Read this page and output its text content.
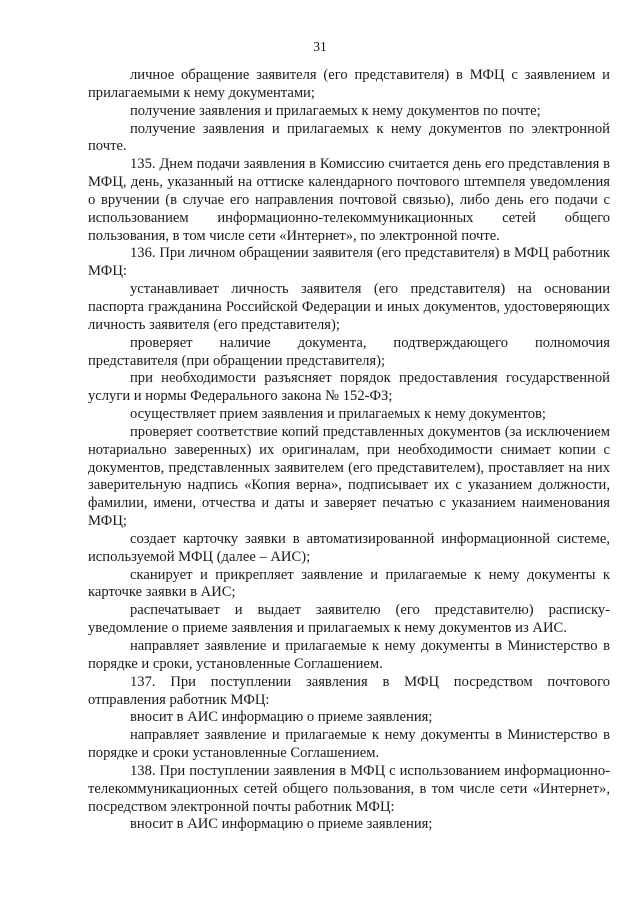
31

личное обращение заявителя (его представителя) в МФЦ с заявлением и прилагаемыми к нему документами;

получение заявления и прилагаемых к нему документов по почте;

получение заявления и прилагаемых к нему документов по электронной почте.

135. Днем подачи заявления в Комиссию считается день его представления в МФЦ, день, указанный на оттиске календарного почтового штемпеля уведомления о вручении (в случае его направления почтовой связью), либо день его подачи с использованием информационно-телекоммуникационных сетей общего пользования, в том числе сети «Интернет», по электронной почте.

136. При личном обращении заявителя (его представителя) в МФЦ работник МФЦ:

устанавливает личность заявителя (его представителя) на основании паспорта гражданина Российской Федерации и иных документов, удостоверяющих личность заявителя (его представителя);

проверяет наличие документа, подтверждающего полномочия представителя (при обращении представителя);

при необходимости разъясняет порядок предоставления государственной услуги и нормы Федерального закона № 152-ФЗ;

осуществляет прием заявления и прилагаемых к нему документов;

проверяет соответствие копий представленных документов (за исключением нотариально заверенных) их оригиналам, при необходимости снимает копии с документов, представленных заявителем (его представителем), проставляет на них заверительную надпись «Копия верна», подписывает их с указанием должности, фамилии, имени, отчества и даты и заверяет печатью с указанием наименования МФЦ;

создает карточку заявки в автоматизированной информационной системе, используемой МФЦ (далее – АИС);

сканирует и прикрепляет заявление и прилагаемые к нему документы к карточке заявки в АИС;

распечатывает и выдает заявителю (его представителю) расписку-уведомление о приеме заявления и прилагаемых к нему документов из АИС.

направляет заявление и прилагаемые к нему документы в Министерство в порядке и сроки, установленные Соглашением.

137. При поступлении заявления в МФЦ посредством почтового отправления работник МФЦ:

вносит в АИС информацию о приеме заявления;

направляет заявление и прилагаемые к нему документы в Министерство в порядке и сроки установленные Соглашением.

138. При поступлении заявления в МФЦ с использованием информационно-телекоммуникационных сетей общего пользования, в том числе сети «Интернет», посредством электронной почты работник МФЦ:

вносит в АИС информацию о приеме заявления;
